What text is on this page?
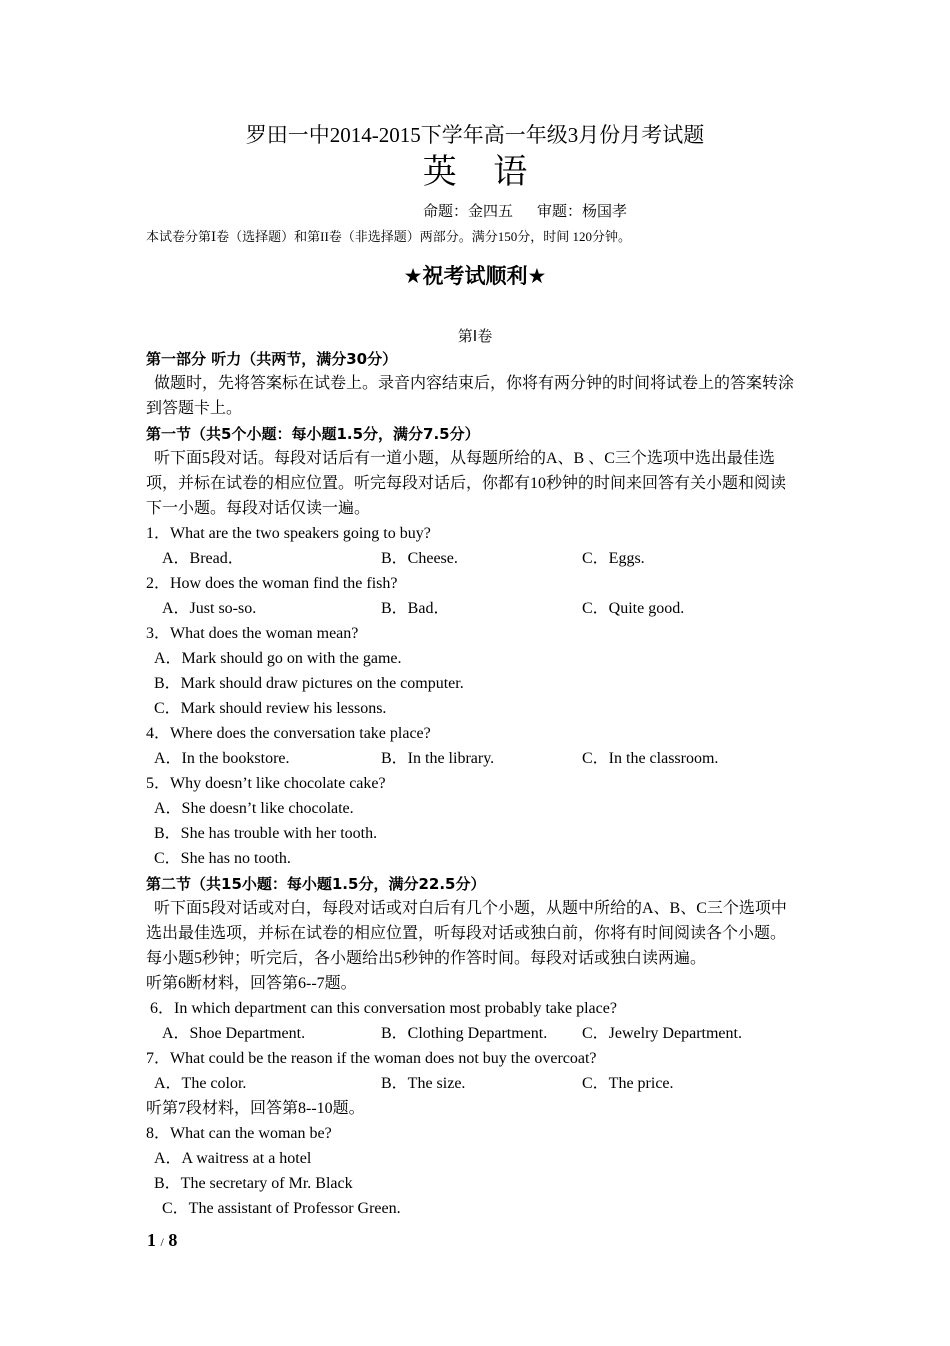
罗田一中2014-2015下学年高一年级3月份月考试题
英 语
命题：金四五 审题：杨国孝
本试卷分第Ⅰ卷（选择题）和第II卷（非选择题）两部分。满分150分，时间 120分钟。
★祝考试顺利★
第Ⅰ卷
第一部分 听力（共两节，满分30分）
做题时，先将答案标在试卷上。录音内容结束后，你将有两分钟的时间将试卷上的答案转涂
到答题卡上。
第一节（共5个小题：每小题1.5分，满分7.5分）
听下面5段对话。每段对话后有一道小题，从每题所给的A、B 、C三个选项中选出最佳选
项，并标在试卷的相应位置。听完每段对话后，你都有10秒钟的时间来回答有关小题和阅读
下一小题。每段对话仅读一遍。
1．What are the two speakers going to buy?
A．Bread．	B．Cheese.	C．Eggs.
2．How does the woman find the fish?
A．Just so-so.	B．Bad．	C．Quite good.
3．What does the woman mean?
A．Mark should go on with the game.
B．Mark should draw pictures on the computer.
C．Mark should review his lessons.
4．Where does the conversation take place?
A．In the bookstore.	B．In the library.	C．In the classroom.
5．Why doesn’t like chocolate cake?
A．She doesn’t like chocolate.
B．She has trouble with her tooth.
C．She has no tooth.
第二节（共15小题：每小题1.5分，满分22.5分）
听下面5段对话或对白，每段对话或对白后有几个小题，从题中所给的A、B、C三个选项中
选出最佳选项，并标在试卷的相应位置，听每段对话或独白前，你将有时间阅读各个小题。
每小题5秒钟；听完后，各小题给出5秒钟的作答时间。每段对话或独白读两遍。
听第6断材料，回答第6--7题。
6．In which department can this conversation most probably take place?
A．Shoe Department.	B．Clothing Department. C．Jewelry Department.
7．What could be the reason if the woman does not buy the overcoat?
A．The color.	B．The size.	C．The price.
听第7段材料，回答第8--10题。
8．What can the woman be?
A．A waitress at a hotel
B．The secretary of Mr. Black
C．The assistant of Professor Green.
1 / 8
